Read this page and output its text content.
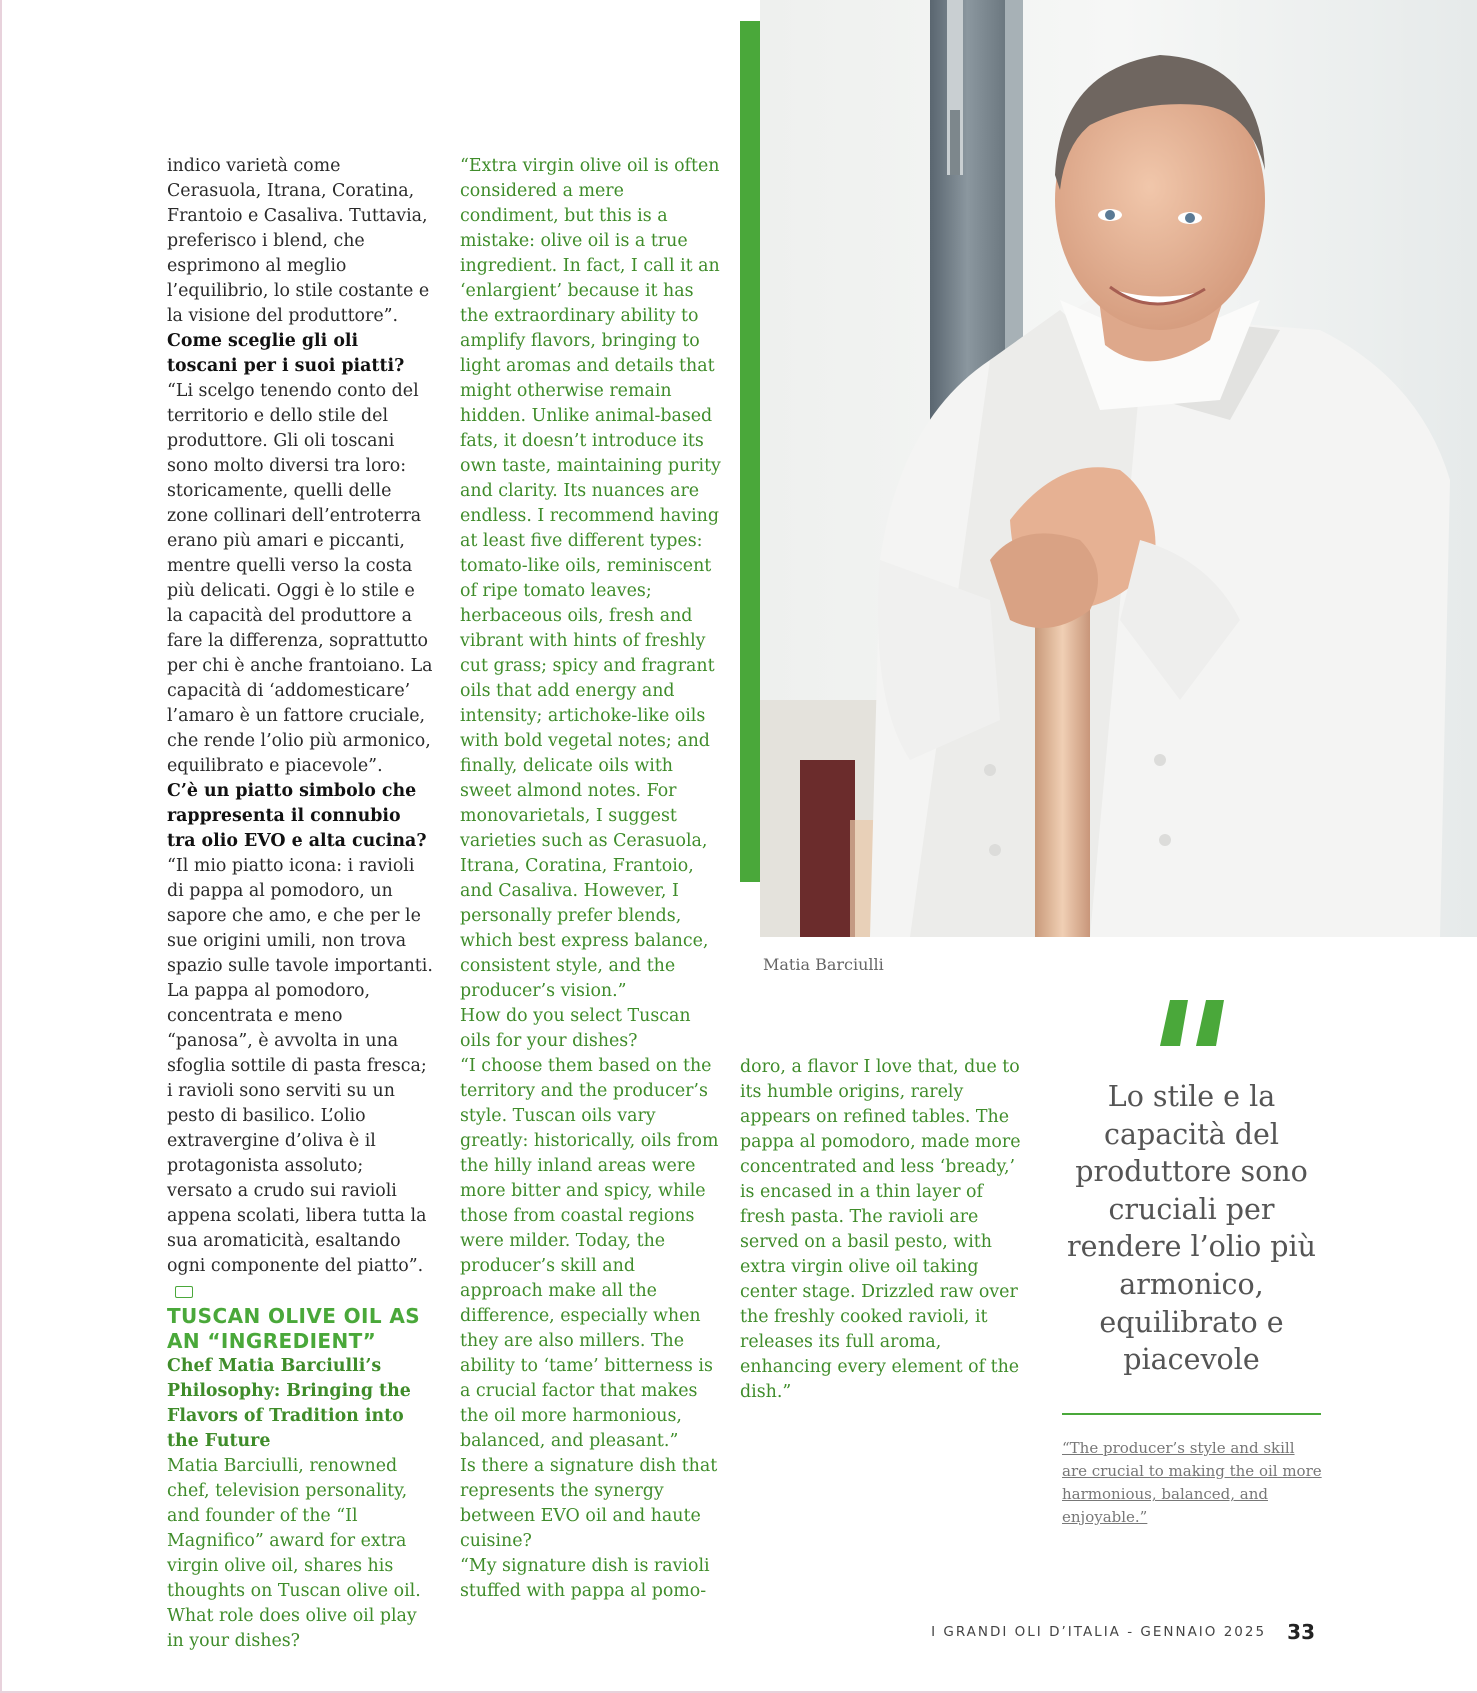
indico varietà come Cerasuola, Itrana, Coratina, Frantoio e Casaliva. Tuttavia, preferisco i blend, che esprimono al meglio l’equilibrio, lo stile costante e la visione del produttore”.

Come sceglie gli oli toscani per i suoi piatti?

“Li scelgo tenendo conto del territorio e dello stile del produttore. Gli oli toscani sono molto diversi tra loro: storicamente, quelli delle zone collinari dell’entroterra erano più amari e piccanti, mentre quelli verso la costa più delicati. Oggi è lo stile e la capacità del produttore a fare la differenza, soprattutto per chi è anche frantoiano. La capacità di ‘addomesticare’ l’amaro è un fattore cruciale, che rende l’olio più armonico, equilibrato e piacevole”.

C’è un piatto simbolo che rappresenta il connubio tra olio EVO e alta cucina?

“Il mio piatto icona: i ravioli di pappa al pomodoro, un sapore che amo, e che per le sue origini umili, non trova spazio sulle tavole importanti. La pappa al pomodoro, concentrata e meno “panosa”, è avvolta in una sfoglia sottile di pasta fresca; i ravioli sono serviti su un pesto di basilico. L’olio extravergine d’oliva è il protagonista assoluto; versato a crudo sui ravioli appena scolati, libera tutta la sua aromaticità, esaltando ogni componente del piatto”.

TUSCAN OLIVE OIL AS AN “INGREDIENT”

Chef Matia Barciulli’s Philosophy: Bringing the Flavors of Tradition into the Future

Matia Barciulli, renowned chef, television personality, and founder of the “Il Magnifico” award for extra virgin olive oil, shares his thoughts on Tuscan olive oil.

What role does olive oil play in your dishes?

“Extra virgin olive oil is often considered a mere condiment, but this is a mistake: olive oil is a true ingredient. In fact, I call it an ‘enlargient’ because it has the extraordinary ability to amplify flavors, bringing to light aromas and details that might otherwise remain hidden. Unlike animal-based fats, it doesn’t introduce its own taste, maintaining purity and clarity. Its nuances are endless. I recommend having at least five different types: tomato-like oils, reminiscent of ripe tomato leaves; herbaceous oils, fresh and vibrant with hints of freshly cut grass; spicy and fragrant oils that add energy and intensity; artichoke-like oils with bold vegetal notes; and finally, delicate oils with sweet almond notes. For monovarietals, I suggest varieties such as Cerasuola, Itrana, Coratina, Frantoio, and Casaliva. However, I personally prefer blends, which best express balance, consistent style, and the producer’s vision.”

How do you select Tuscan oils for your dishes?

“I choose them based on the territory and the producer’s style. Tuscan oils vary greatly: historically, oils from the hilly inland areas were more bitter and spicy, while those from coastal regions were milder. Today, the producer’s skill and approach make all the difference, especially when they are also millers. The ability to ‘tame’ bitterness is a crucial factor that makes the oil more harmonious, balanced, and pleasant.”

Is there a signature dish that represents the synergy between EVO oil and haute cuisine?

“My signature dish is ravioli stuffed with pappa al pomo-

doro, a flavor I love that, due to its humble origins, rarely appears on refined tables. The pappa al pomodoro, made more concentrated and less ‘bready,’ is encased in a thin layer of fresh pasta. The ravioli are served on a basil pesto, with extra virgin olive oil taking center stage. Drizzled raw over the freshly cooked ravioli, it releases its full aroma, enhancing every element of the dish.”

Matia Barciulli
Lo stile e la capacità del produttore sono cruciali per rendere l’olio più armonico, equilibrato e piacevole
“The producer’s style and skill are crucial to making the oil more harmonious, balanced, and enjoyable.”
I GRANDI OLI D’ITALIA - GENNAIO 2025 33
